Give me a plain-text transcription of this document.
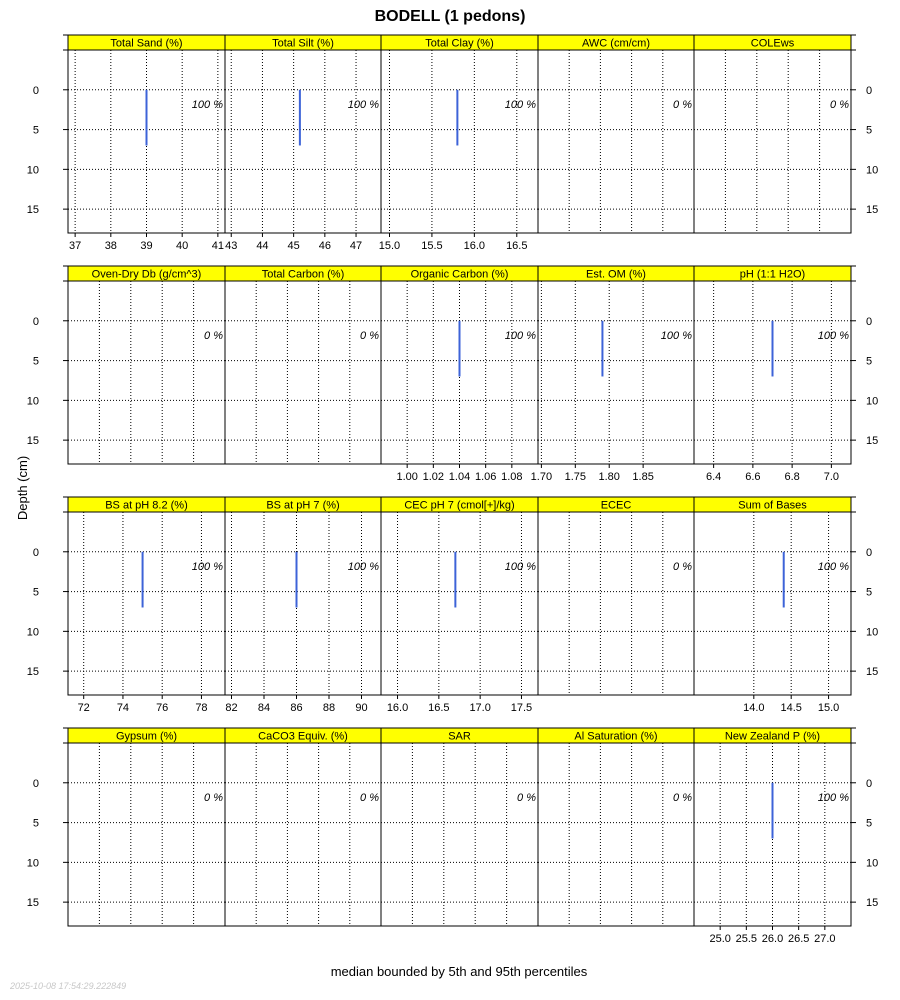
BODELL (1 pedons)
Depth (cm)
median bounded by 5th and 95th percentiles
2025-10-08 17:54:29.222849
Total Sand (%)
100 %
37 38 39 40 41
0
5
10
15
Total Silt (%)
100 %
43 44 45 46 47
Total Clay (%)
100 %
15.0 15.5 16.0 16.5
AWC (cm/cm)
0 %
COLEws
0 %
0
5
10
15
Oven-Dry Db (g/cm^3)
0 %
0
5
10
15
Total Carbon (%)
0 %
Organic Carbon (%)
100 %
1.00 1.02 1.04 1.06 1.08
Est. OM (%)
100 %
1.70 1.75 1.80 1.85
pH (1:1 H2O)
100 %
6.4 6.6 6.8 7.0
0
5
10
15
BS at pH 8.2 (%)
100 %
72 74 76 78
0
5
10
15
BS at pH 7 (%)
100 %
82 84 86 88 90
CEC pH 7 (cmol[+]/kg)
100 %
16.0 16.5 17.0 17.5
ECEC
0 %
Sum of Bases
100 %
14.0 14.5 15.0
0
5
10
15
Gypsum (%)
0 %
0
5
10
15
CaCO3 Equiv. (%)
0 %
SAR
0 %
Al Saturation (%)
0 %
New Zealand P (%)
100 %
25.0 25.5 26.0 26.5 27.0
0
5
10
15
